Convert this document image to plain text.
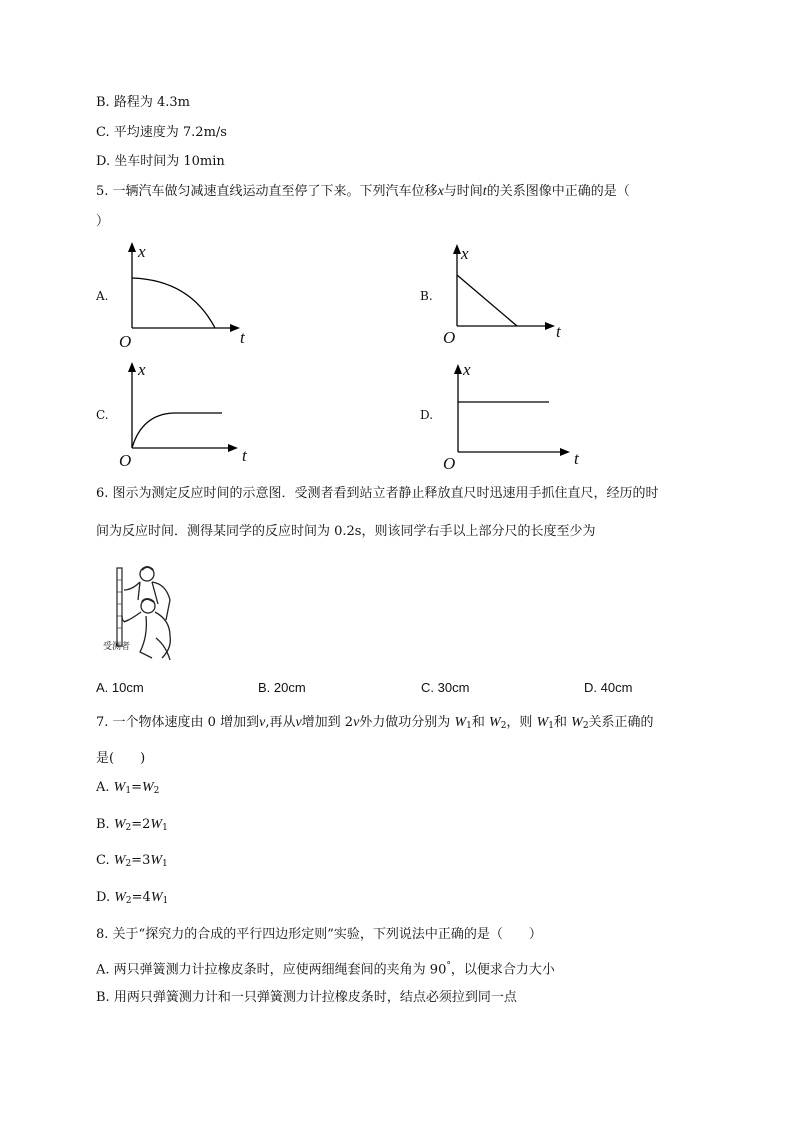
B. 路程为 4.3m
C. 平均速度为 7.2m/s
D. 坐车时间为 10min
5. 一辆汽车做匀减速直线运动直至停了下来。下列汽车位移x与时间t的关系图像中正确的是（
）
A.
x
t
O
B.
x
t
O
C.
x
t
O
D.
x
t
O
6. 图示为测定反应时间的示意图．受测者看到站立者静止释放直尺时迅速用手抓住直尺，经历的时
间为反应时间．测得某同学的反应时间为 0.2s，则该同学右手以上部分尺的长度至少为
受测者
A. 10cm	B. 20cm	C. 30cm	D. 40cm
7. 一个物体速度由 0 增加到v,再从v增加到 2v外力做功分别为 $W_1$和 $W_2$，则 $W_1$和 $W_2$关系正确的
是(　　)
A. $W_1=W_2$
B. $W_2=2W_1$
C. $W_2=3W_1$
D. $W_2=4W_1$
8. 关于“探究力的合成的平行四边形定则”实验，下列说法中正确的是（　　）
A. 两只弹簧测力计拉橡皮条时，应使两细绳套间的夹角为 90°，以便求合力大小
B. 用两只弹簧测力计和一只弹簧测力计拉橡皮条时，结点必须拉到同一点
